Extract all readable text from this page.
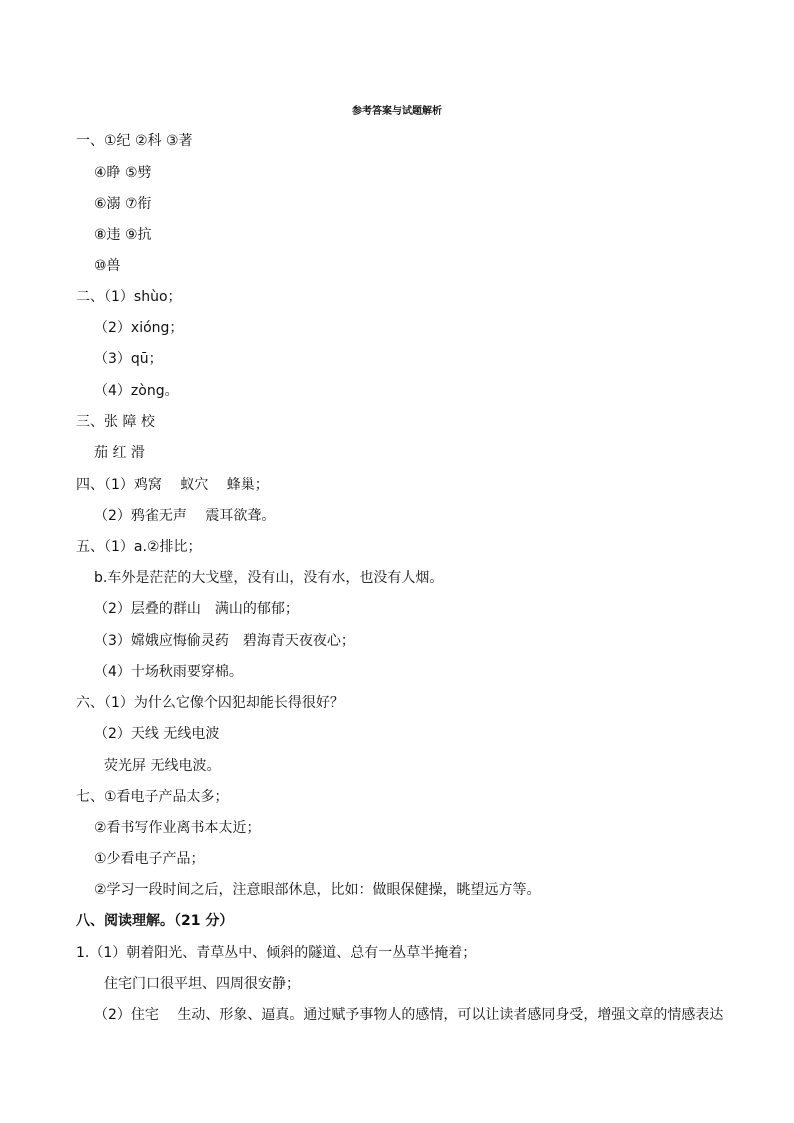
参考答案与试题解析
一、①纪 ②科 ③著
④睁 ⑤劈
⑥溺 ⑦衔
⑧违 ⑨抗
⑩兽
二、（1）shùo；
（2）xióng；
（3）qū；
（4）zòng。
三、张 障 校
茄 红 滑
四、（1）鸡窝　 蚁穴　 蜂巢；
（2）鸦雀无声　 震耳欲聋。
五、（1）a.②排比；
b.车外是茫茫的大戈壁，没有山，没有水，也没有人烟。
（2）层叠的群山　满山的郁郁；
（3）嫦娥应悔偷灵药　碧海青天夜夜心；
（4）十场秋雨要穿棉。
六、（1）为什么它像个囚犯却能长得很好？
（2）天线 无线电波
荧光屏 无线电波。
七、①看电子产品太多；
②看书写作业离书本太近；
①少看电子产品；
②学习一段时间之后，注意眼部休息，比如：做眼保健操，眺望远方等。
八、阅读理解。（21 分）
1.（1）朝着阳光、青草丛中、倾斜的隧道、总有一丛草半掩着；
住宅门口很平坦、四周很安静；
（2）住宅　 生动、形象、逼真。通过赋予事物人的感情，可以让读者感同身受，增强文章的情感表达
